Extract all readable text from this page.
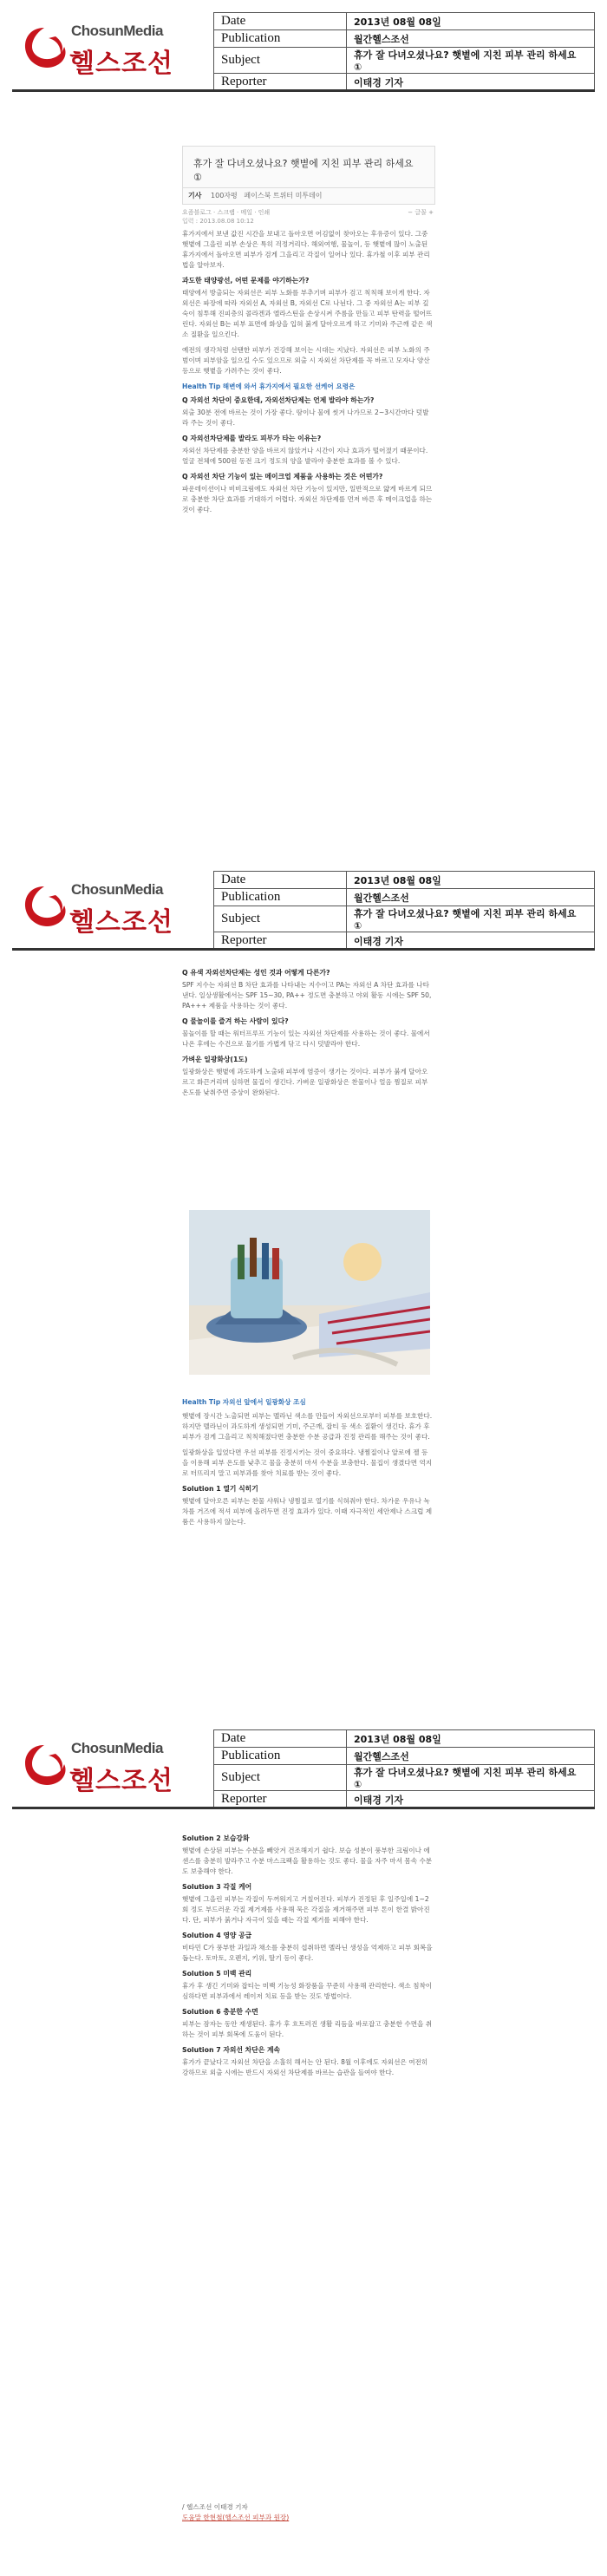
ChosunMedia
헬스조선
Date	2013년 08월 08일
Publication	월간헬스조선
Subject	휴가 잘 다녀오셨나요? 햇볕에 지친 피부 관리 하세요 ①
Reporter	이태경 기자
휴가 잘 다녀오셨나요? 햇볕에 지친 피부 관리 하세요 ①
기사 100자평 페이스북 트위터 미투데이
요즘블로그 · 스크랩 · 메일 · 인쇄	− 글꼴 +
입력 : 2013.08.08 10:12

휴가지에서 보낸 값진 시간을 보내고 돌아오면 어김없이 찾아오는 후유증이 있다. 그중 햇볕에 그을린 피부 손상은 특히 걱정거리다. 해외여행, 물놀이, 등 햇볕에 많이 노출된 휴가지에서 돌아오면 피부가 검게 그을리고 각질이 일어나 있다. 휴가철 이후 피부 관리법을 알아보자.

과도한 태양광선, 어떤 문제를 야기하는가?

태양에서 방출되는 자외선은 피부 노화를 부추기며 피부가 검고 칙칙해 보이게 한다. 자외선은 파장에 따라 자외선 A, 자외선 B, 자외선 C로 나뉜다. 그 중 자외선 A는 피부 깊숙이 침투해 진피층의 콜라겐과 엘라스틴을 손상시켜 주름을 만들고 피부 탄력을 떨어뜨린다. 자외선 B는 피부 표면에 화상을 입혀 붉게 달아오르게 하고 기미와 주근깨 같은 색소 질환을 일으킨다.

예전의 생각처럼 선탠한 피부가 건강해 보이는 시대는 지났다. 자외선은 피부 노화의 주범이며 피부암을 일으킬 수도 있으므로 외출 시 자외선 차단제를 꼭 바르고 모자나 양산 등으로 햇볕을 가려주는 것이 좋다.

Health Tip 해변에 와서 휴가지에서 필요한 선케어 요령은
Q 자외선 차단이 중요한데, 자외선차단제는 언제 발라야 하는가?

외출 30분 전에 바르는 것이 가장 좋다. 땀이나 물에 씻겨 나가므로 2~3시간마다 덧발라 주는 것이 좋다.

Q 자외선차단제를 발라도 피부가 타는 이유는?

자외선 차단제를 충분한 양을 바르지 않았거나 시간이 지나 효과가 떨어졌기 때문이다. 얼굴 전체에 500원 동전 크기 정도의 양을 발라야 충분한 효과를 볼 수 있다.

Q 자외선 차단 기능이 있는 메이크업 제품을 사용하는 것은 어떤가?

파운데이션이나 비비크림에도 자외선 차단 기능이 있지만, 일반적으로 얇게 바르게 되므로 충분한 차단 효과를 기대하기 어렵다. 자외선 차단제를 먼저 바른 후 메이크업을 하는 것이 좋다.

ChosunMedia
헬스조선
Date	2013년 08월 08일
Publication	월간헬스조선
Subject	휴가 잘 다녀오셨나요? 햇볕에 지친 피부 관리 하세요 ①
Reporter	이태경 기자
Q 유색 자외선차단제는 성인 것과 어떻게 다른가?

SPF 지수는 자외선 B 차단 효과를 나타내는 지수이고 PA는 자외선 A 차단 효과를 나타낸다. 일상생활에서는 SPF 15~30, PA++ 정도면 충분하고 야외 활동 시에는 SPF 50, PA+++ 제품을 사용하는 것이 좋다.

Q 물놀이를 즐겨 하는 사람이 있다?

물놀이를 할 때는 워터프루프 기능이 있는 자외선 차단제를 사용하는 것이 좋다. 물에서 나온 후에는 수건으로 물기를 가볍게 닦고 다시 덧발라야 한다.

가벼운 일광화상(1도)

일광화상은 햇볕에 과도하게 노출돼 피부에 염증이 생기는 것이다. 피부가 붉게 달아오르고 화끈거리며 심하면 물집이 생긴다. 가벼운 일광화상은 찬물이나 얼음 찜질로 피부 온도를 낮춰주면 증상이 완화된다.

Health Tip 자외선 앞에서 일광화상 조심

햇볕에 장시간 노출되면 피부는 멜라닌 색소를 만들어 자외선으로부터 피부를 보호한다. 하지만 멜라닌이 과도하게 생성되면 기미, 주근깨, 잡티 등 색소 질환이 생긴다. 휴가 후 피부가 검게 그을리고 칙칙해졌다면 충분한 수분 공급과 진정 관리를 해주는 것이 좋다.

일광화상을 입었다면 우선 피부를 진정시키는 것이 중요하다. 냉찜질이나 알로에 젤 등을 이용해 피부 온도를 낮추고 물을 충분히 마셔 수분을 보충한다. 물집이 생겼다면 억지로 터뜨리지 말고 피부과를 찾아 치료를 받는 것이 좋다.

Solution 1 열기 식히기

햇볕에 달아오른 피부는 찬물 샤워나 냉찜질로 열기를 식혀줘야 한다. 차가운 우유나 녹차를 거즈에 적셔 피부에 올려두면 진정 효과가 있다. 이때 자극적인 세안제나 스크럽 제품은 사용하지 않는다.

ChosunMedia
헬스조선
Date	2013년 08월 08일
Publication	월간헬스조선
Subject	휴가 잘 다녀오셨나요? 햇볕에 지친 피부 관리 하세요 ①
Reporter	이태경 기자
Solution 2 보습강화

햇볕에 손상된 피부는 수분을 빼앗겨 건조해지기 쉽다. 보습 성분이 풍부한 크림이나 에센스를 충분히 발라주고 수분 마스크팩을 활용하는 것도 좋다. 물을 자주 마셔 몸속 수분도 보충해야 한다.

Solution 3 각질 케어

햇볕에 그을린 피부는 각질이 두꺼워지고 거칠어진다. 피부가 진정된 후 일주일에 1~2회 정도 부드러운 각질 제거제를 사용해 묵은 각질을 제거해주면 피부 톤이 한결 밝아진다. 단, 피부가 붉거나 자극이 있을 때는 각질 제거를 피해야 한다.

Solution 4 영양 공급

비타민 C가 풍부한 과일과 채소를 충분히 섭취하면 멜라닌 생성을 억제하고 피부 회복을 돕는다. 토마토, 오렌지, 키위, 딸기 등이 좋다.

Solution 5 미백 관리

휴가 후 생긴 기미와 잡티는 미백 기능성 화장품을 꾸준히 사용해 관리한다. 색소 침착이 심하다면 피부과에서 레이저 치료 등을 받는 것도 방법이다.

Solution 6 충분한 수면

피부는 잠자는 동안 재생된다. 휴가 후 흐트러진 생활 리듬을 바로잡고 충분한 수면을 취하는 것이 피부 회복에 도움이 된다.

Solution 7 자외선 차단은 계속

휴가가 끝났다고 자외선 차단을 소홀히 해서는 안 된다. 8월 이후에도 자외선은 여전히 강하므로 외출 시에는 반드시 자외선 차단제를 바르는 습관을 들여야 한다.

/ 헬스조선 이태경 기자
도움말 한현철(헬스조선 피부과 원장)
